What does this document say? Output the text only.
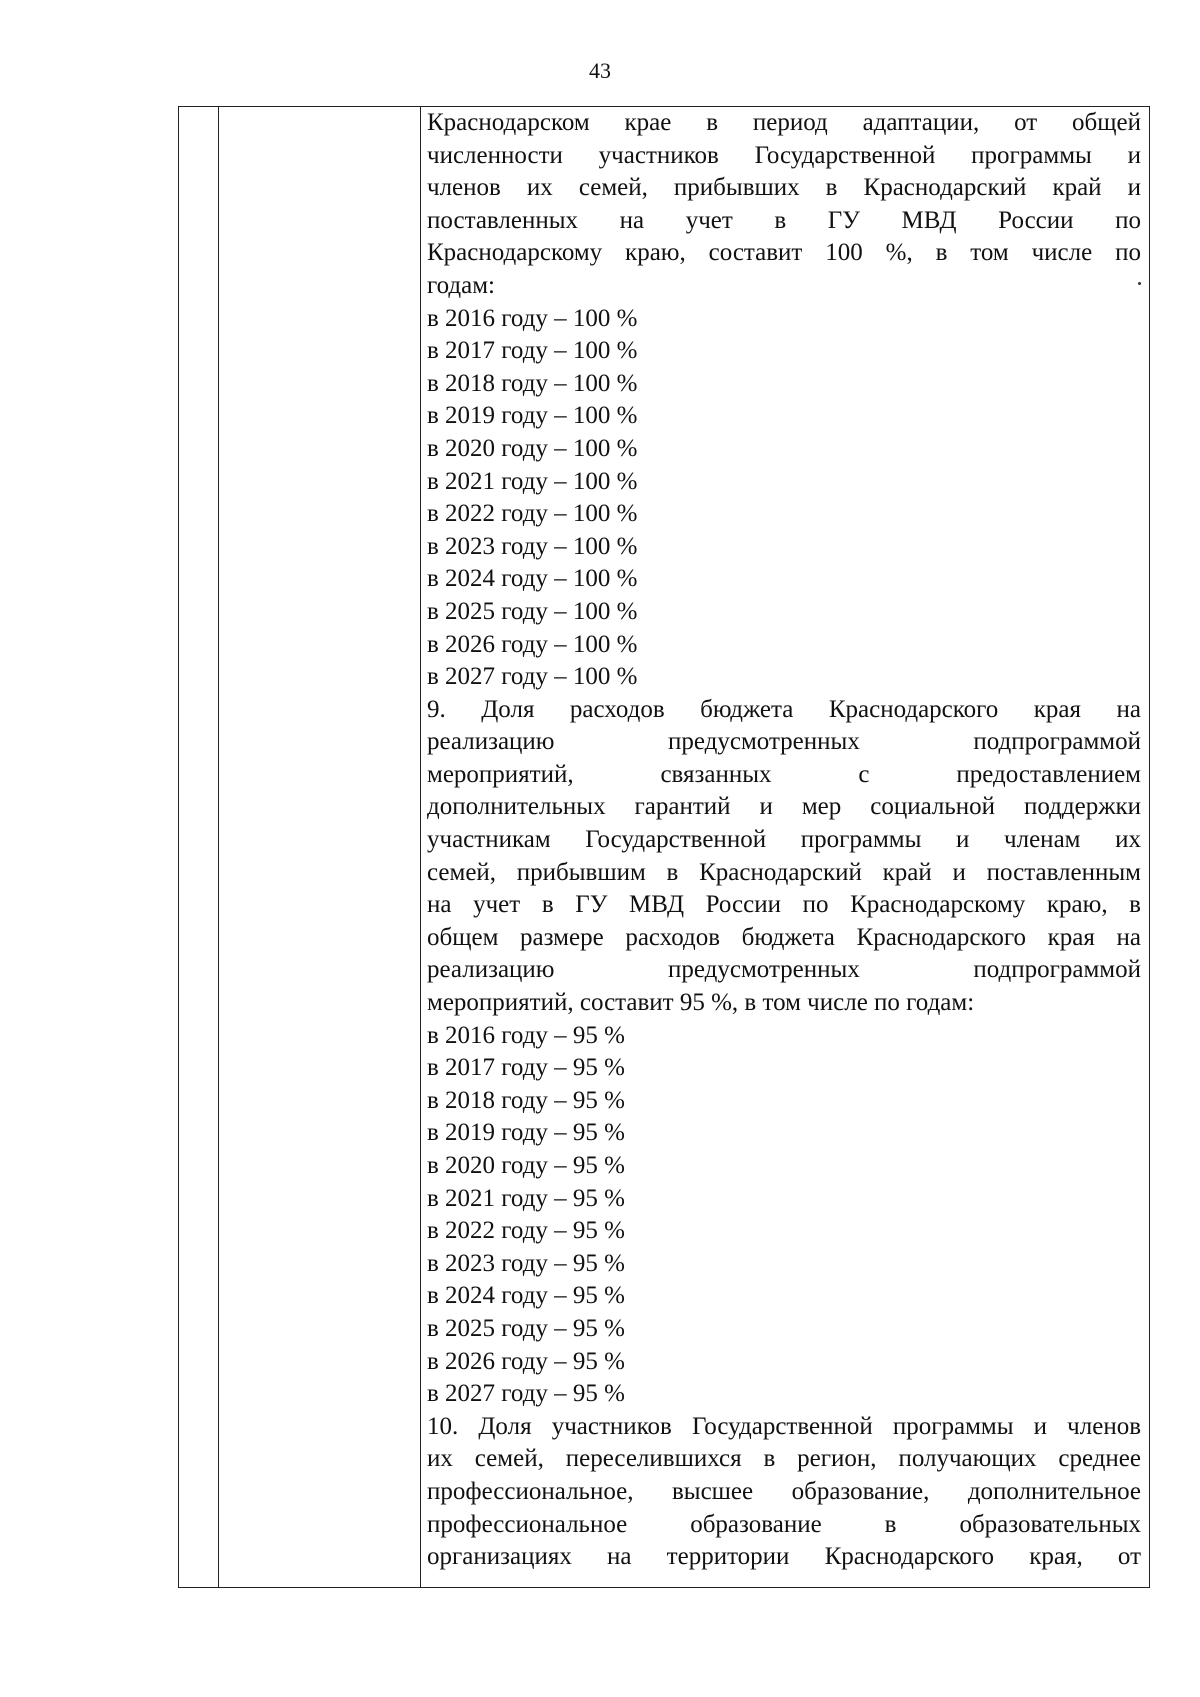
43
Краснодарском крае в период адаптации, от общей
численности участников Государственной программы и
членов их семей, прибывших в Краснодарский край и
поставленных на учет в ГУ МВД России по
Краснодарскому краю, составит 100 %, в том числе по
годам:
в 2016 году – 100 %
в 2017 году – 100 %
в 2018 году – 100 %
в 2019 году – 100 %
в 2020 году – 100 %
в 2021 году – 100 %
в 2022 году – 100 %
в 2023 году – 100 %
в 2024 году – 100 %
в 2025 году – 100 %
в 2026 году – 100 %
в 2027 году – 100 %
9. Доля расходов бюджета Краснодарского края на
реализацию предусмотренных подпрограммой
мероприятий, связанных с предоставлением
дополнительных гарантий и мер социальной поддержки
участникам Государственной программы и членам их
семей, прибывшим в Краснодарский край и поставленным
на учет в ГУ МВД России по Краснодарскому краю, в
общем размере расходов бюджета Краснодарского края на
реализацию предусмотренных подпрограммой
мероприятий, составит 95 %, в том числе по годам:
в 2016 году – 95 %
в 2017 году – 95 %
в 2018 году – 95 %
в 2019 году – 95 %
в 2020 году – 95 %
в 2021 году – 95 %
в 2022 году – 95 %
в 2023 году – 95 %
в 2024 году – 95 %
в 2025 году – 95 %
в 2026 году – 95 %
в 2027 году – 95 %
10. Доля участников Государственной программы и членов
их семей, переселившихся в регион, получающих среднее
профессиональное, высшее образование, дополнительное
профессиональное образование в образовательных
организациях на территории Краснодарского края, от
